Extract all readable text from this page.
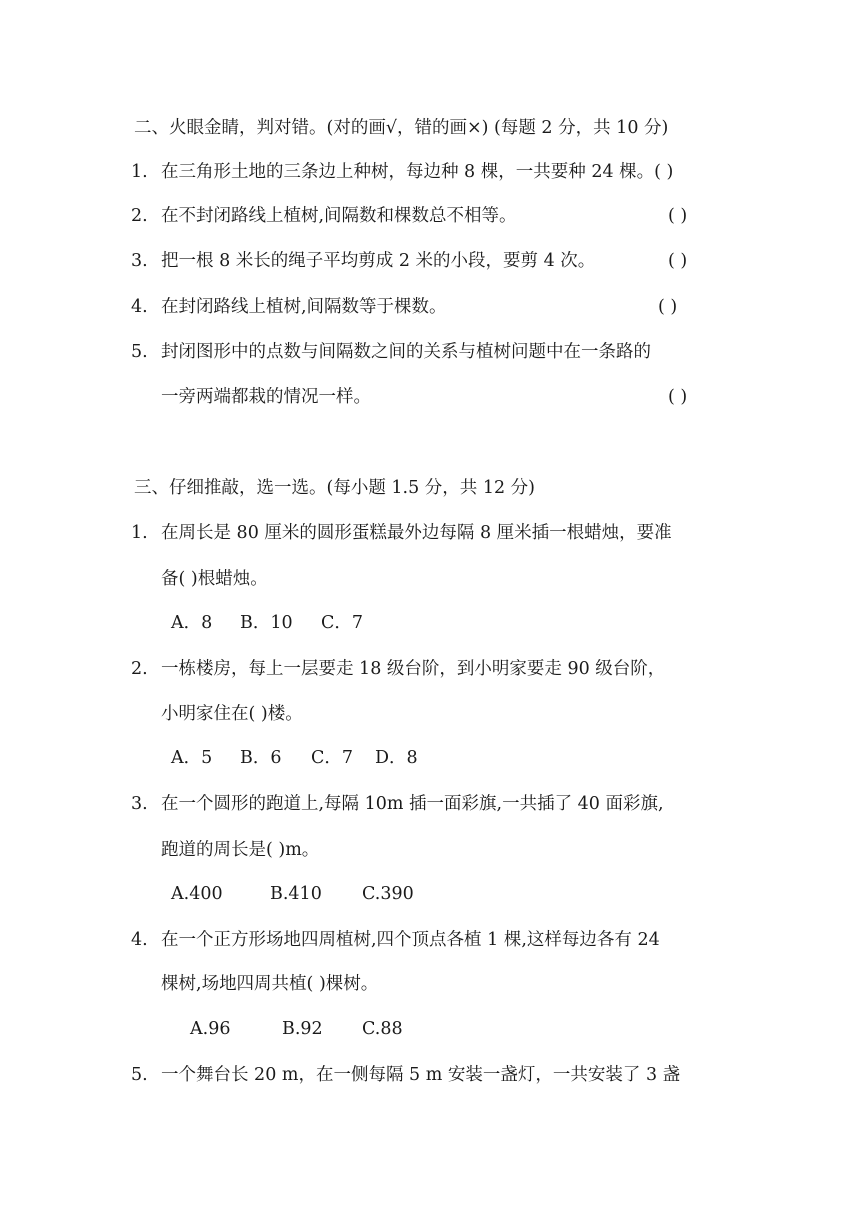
二、火眼金睛，判对错。(对的画√，错的画×) (每题 2 分，共 10 分)
1. 在三角形土地的三条边上种树，每边种 8 棵，一共要种 24 棵。( )
2. 在不封闭路线上植树,间隔数和棵数总不相等。	( )
3. 把一根 8 米长的绳子平均剪成 2 米的小段，要剪 4 次。	( )
4. 在封闭路线上植树,间隔数等于棵数。	( )
5. 封闭图形中的点数与间隔数之间的关系与植树问题中在一条路的
一旁两端都栽的情况一样。	( )
三、仔细推敲，选一选。(每小题 1.5 分，共 12 分)
1. 在周长是 80 厘米的圆形蛋糕最外边每隔 8 厘米插一根蜡烛，要准
备( )根蜡烛。
A．8 B．10 C．7
2. 一栋楼房，每上一层要走 18 级台阶，到小明家要走 90 级台阶，
小明家住在( )楼。
A．5 B．6 C．7 D．8
3. 在一个圆形的跑道上,每隔 10m 插一面彩旗,一共插了 40 面彩旗,
跑道的周长是( )m。
A.400	B.410 C.390
4. 在一个正方形场地四周植树,四个顶点各植 1 棵,这样每边各有 24
棵树,场地四周共植( )棵树。
A.96	B.92 C.88
5. 一个舞台长 20 m，在一侧每隔 5 m 安装一盏灯，一共安装了 3 盏
